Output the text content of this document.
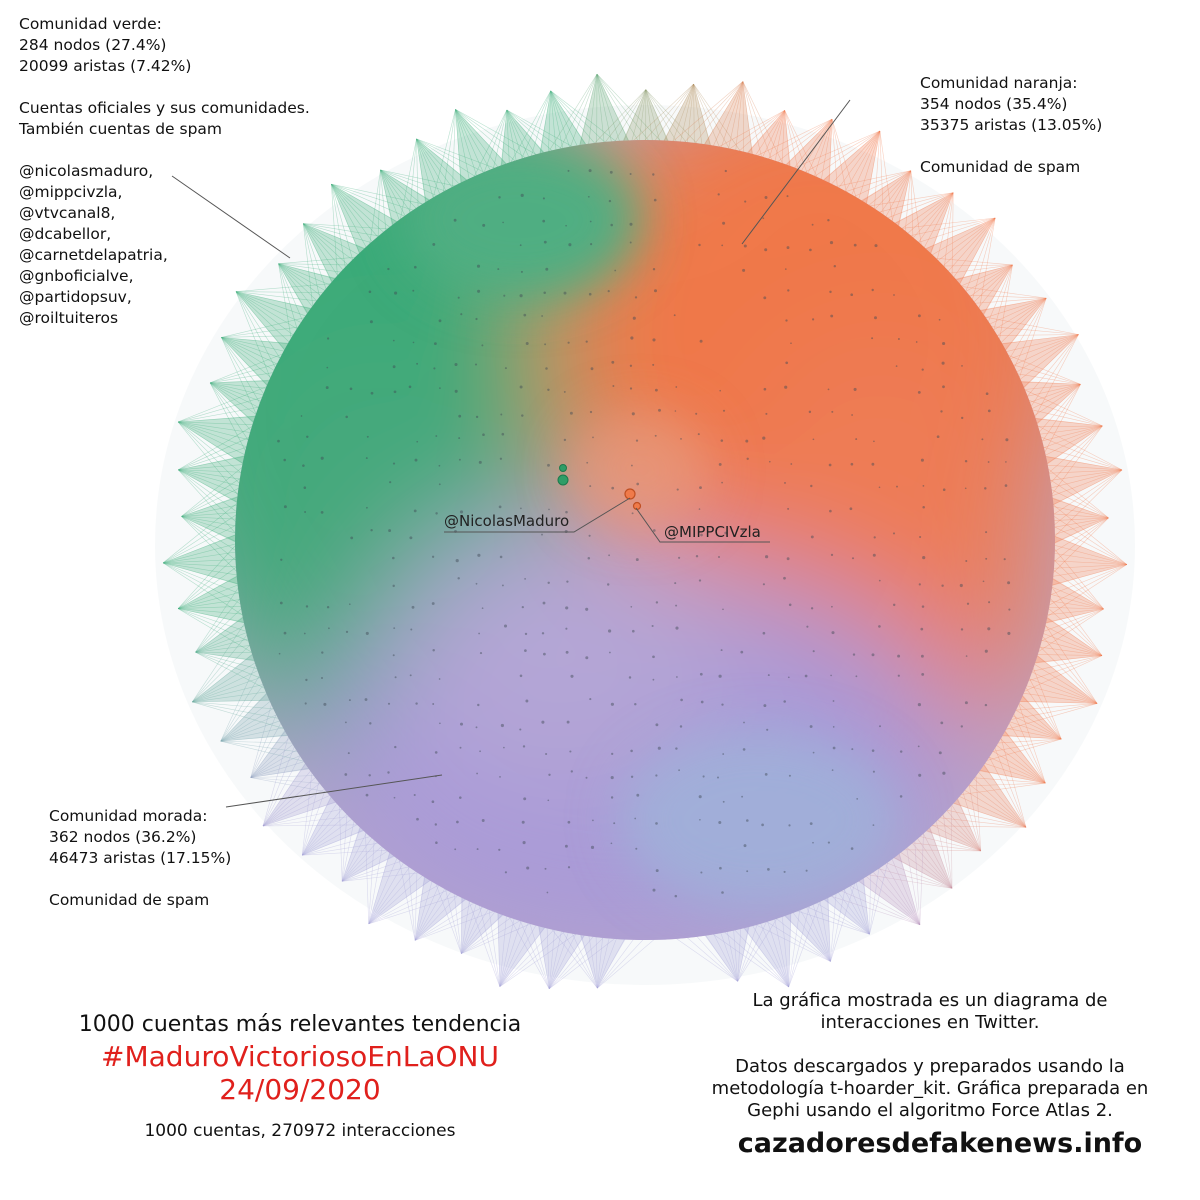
Comunidad verde:
284 nodos (27.4%)
20099 aristas (7.42%)
Cuentas oficiales y sus comunidades.
También cuentas de spam
@nicolasmaduro,
@mippcivzla,
@vtvcanal8,
@dcabellor,
@carnetdelapatria,
@gnboficialve,
@partidopsuv,
@roiltuiteros
Comunidad naranja:
354 nodos (35.4%)
35375 aristas (13.05%)
Comunidad de spam
Comunidad morada:
362 nodos (36.2%)
46473 aristas (17.15%)
Comunidad de spam
@NicolasMaduro
@MIPPCIVzla
1000 cuentas más relevantes tendencia
#MaduroVictoriosoEnLaONU
24/09/2020
1000 cuentas, 270972 interacciones
La gráfica mostrada es un diagrama de
interacciones en Twitter.
Datos descargados y preparados usando la
metodología t-hoarder_kit. Gráfica preparada en
Gephi usando el algoritmo Force Atlas 2.
cazadoresdefakenews.info
